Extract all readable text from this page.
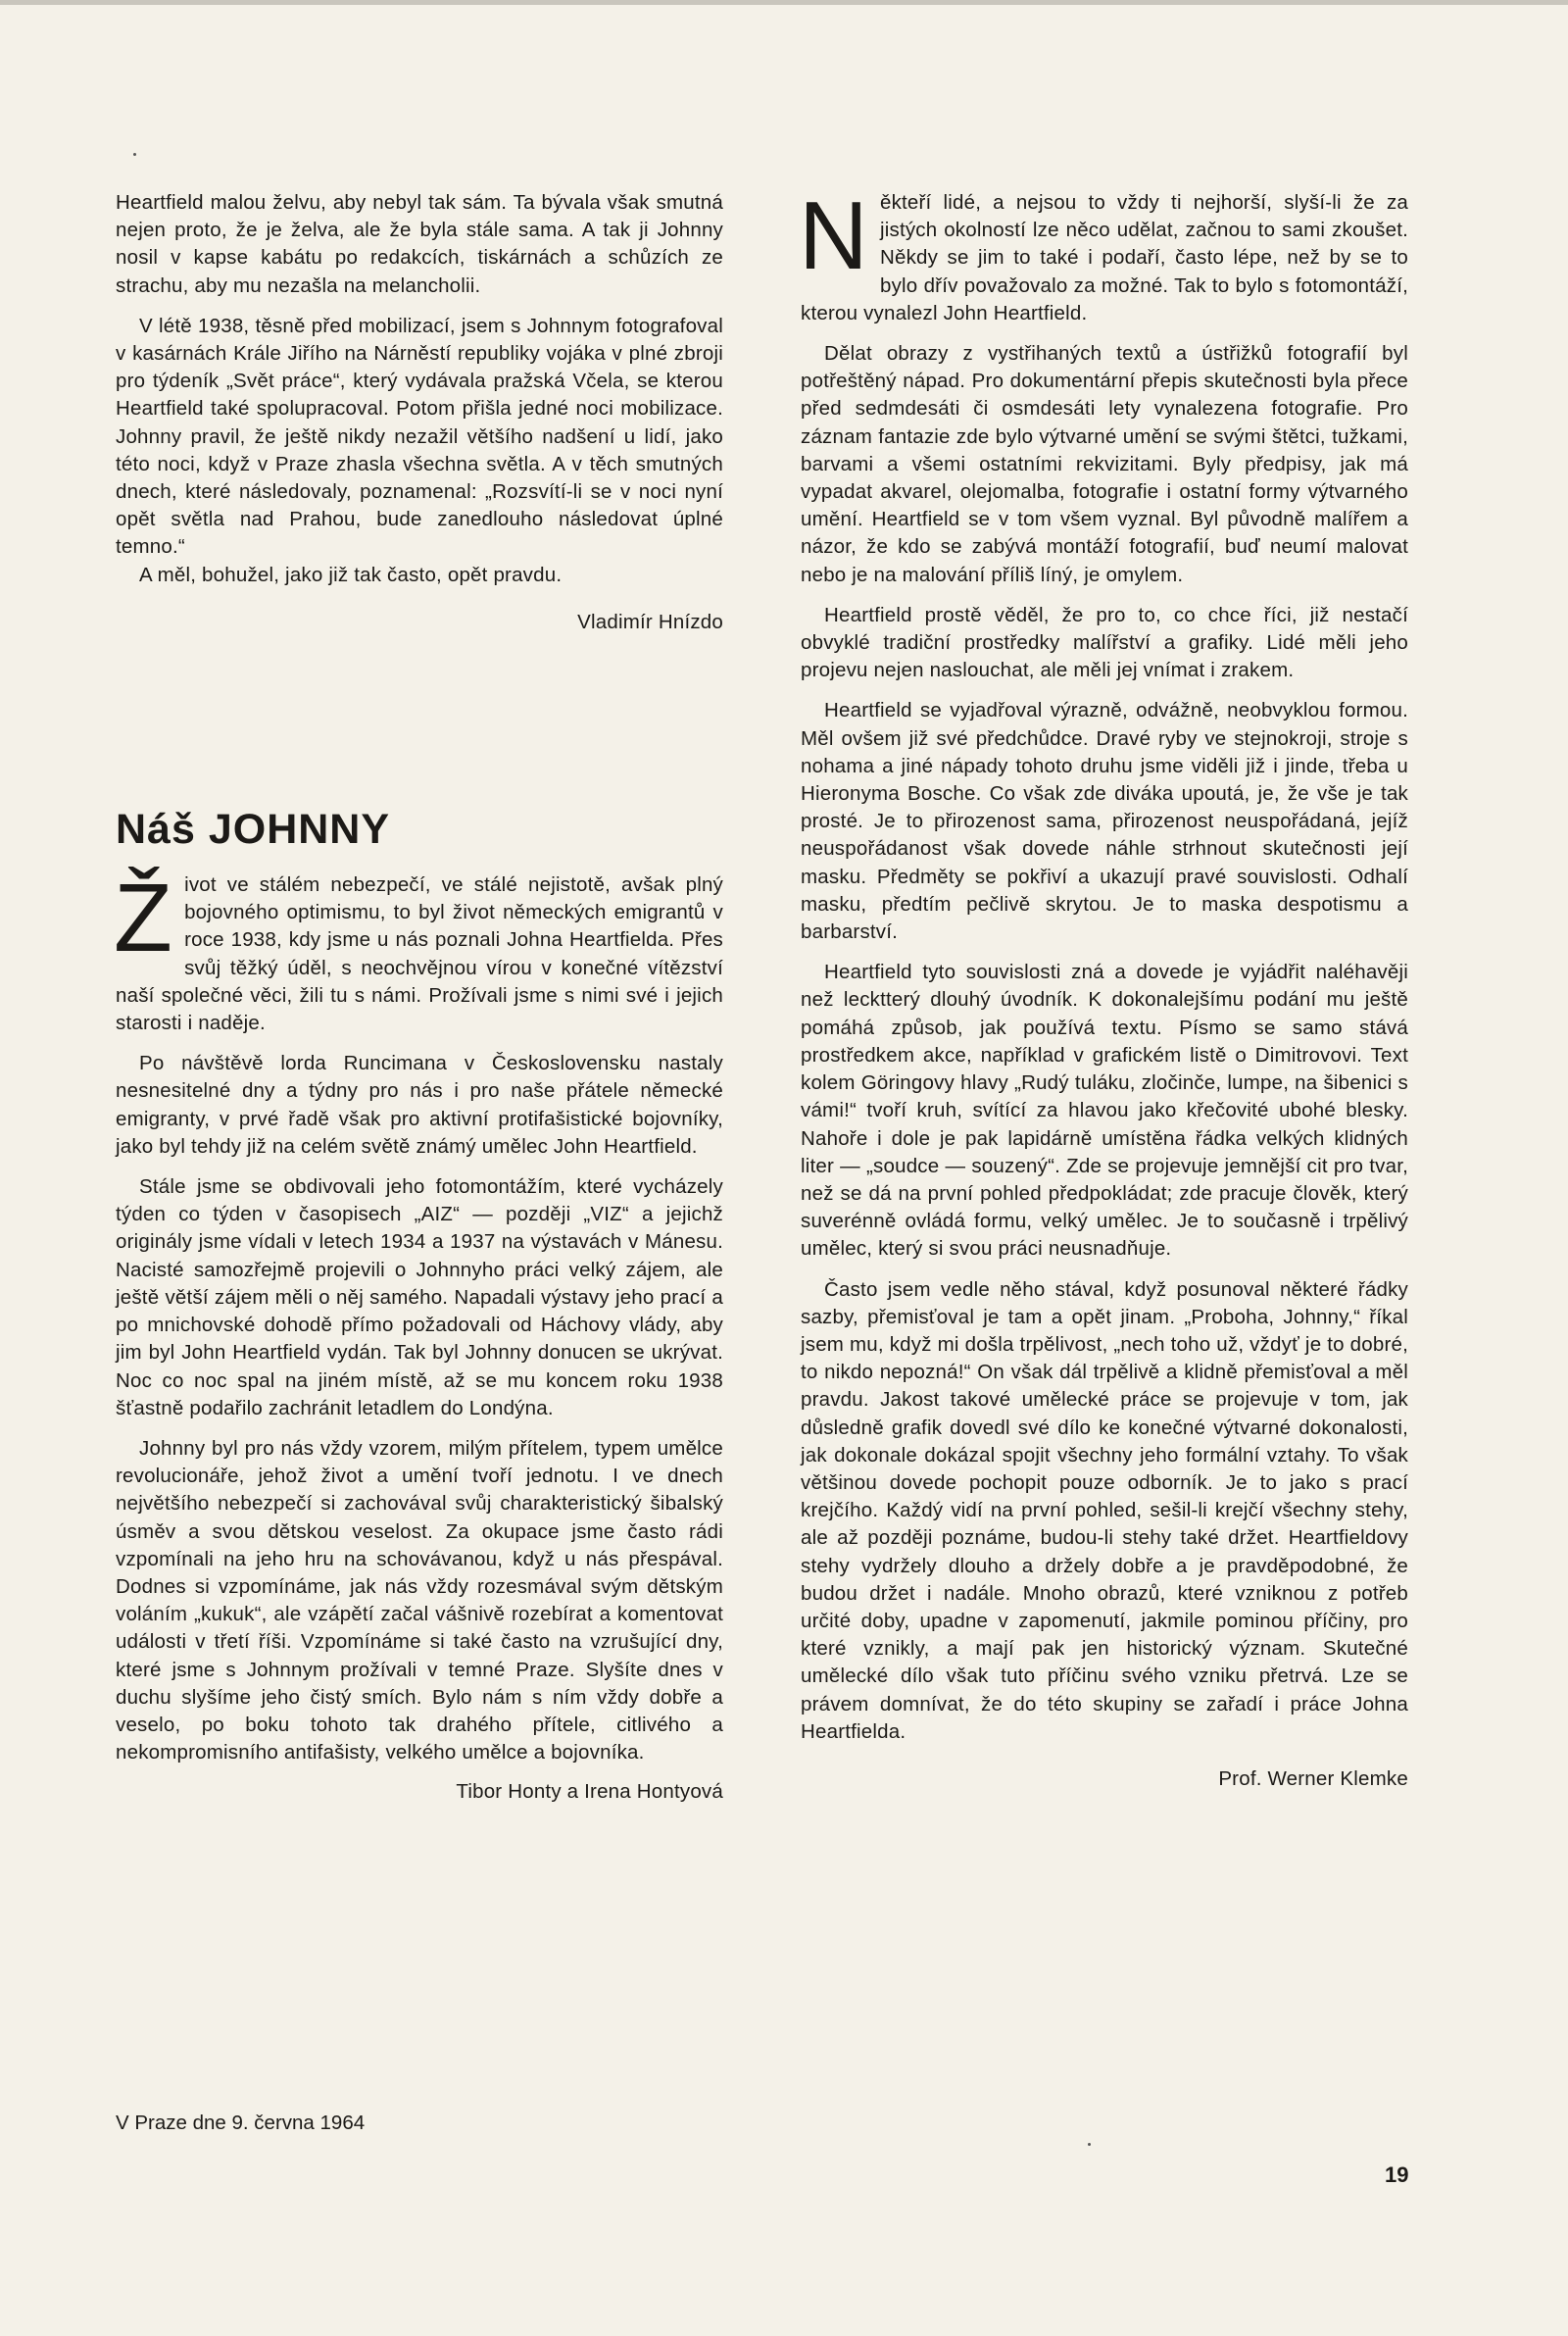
Heartfield malou želvu, aby nebyl tak sám. Ta bývala však smutná nejen proto, že je želva, ale že byla stále sama. A tak ji Johnny nosil v kapse kabátu po redakcích, tiskárnách a schůzích ze strachu, aby mu nezašla na melancholii.

V létě 1938, těsně před mobilizací, jsem s Johnnym fotografoval v kasárnách Krále Jiřího na Nárněstí republiky vojáka v plné zbroji pro týdeník „Svět práce“, který vydávala pražská Včela, se kterou Heartfield také spolupracoval. Potom přišla jedné noci mobilizace. Johnny pravil, že ještě nikdy nezažil většího nadšení u lidí, jako této noci, když v Praze zhasla všechna světla. A v těch smutných dnech, které následovaly, poznamenal: „Rozsvítí-li se v noci nyní opět světla nad Prahou, bude zanedlouho následovat úplné temno.“

A měl, bohužel, jako již tak často, opět pravdu.

Vladimír Hnízdo
Náš JOHNNY

Život ve stálém nebezpečí, ve stálé nejistotě, avšak plný bojovného optimismu, to byl život německých emigrantů v roce 1938, kdy jsme u nás poznali Johna Heartfielda. Přes svůj těžký úděl, s neochvějnou vírou v konečné vítězství naší společné věci, žili tu s námi. Prožívali jsme s nimi své i jejich starosti i naděje.

Po návštěvě lorda Runcimana v Československu nastaly nesnesitelné dny a týdny pro nás i pro naše přátele německé emigranty, v prvé řadě však pro aktivní protifašistické bojovníky, jako byl tehdy již na celém světě známý umělec John Heartfield.

Stále jsme se obdivovali jeho fotomontážím, které vycházely týden co týden v časopisech „AIZ“ — později „VIZ“ a jejichž originály jsme vídali v letech 1934 a 1937 na výstavách v Mánesu. Nacisté samozřejmě projevili o Johnnyho práci velký zájem, ale ještě větší zájem měli o něj samého. Napadali výstavy jeho prací a po mnichovské dohodě přímo požadovali od Háchovy vlády, aby jim byl John Heartfield vydán. Tak byl Johnny donucen se ukrývat. Noc co noc spal na jiném místě, až se mu koncem roku 1938 šťastně podařilo zachránit letadlem do Londýna.

Johnny byl pro nás vždy vzorem, milým přítelem, typem umělce revolucionáře, jehož život a umění tvoří jednotu. I ve dnech největšího nebezpečí si zachovával svůj charakteristický šibalský úsměv a svou dětskou veselost. Za okupace jsme často rádi vzpomínali na jeho hru na schovávanou, když u nás přespával. Dodnes si vzpomínáme, jak nás vždy rozesmával svým dětským voláním „kukuk“, ale vzápětí začal vášnivě rozebírat a komentovat události v třetí říši. Vzpomínáme si také často na vzrušující dny, které jsme s Johnnym prožívali v temné Praze. Slyšíte dnes v duchu slyšíme jeho čistý smích. Bylo nám s ním vždy dobře a veselo, po boku tohoto tak drahého přítele, citlivého a nekompromisního antifašisty, velkého umělce a bojovníka.

Tibor Honty a Irena Hontyová
V Praze dne 9. června 1964

Někteří lidé, a nejsou to vždy ti nejhorší, slyší-li že za jistých okolností lze něco udělat, začnou to sami zkoušet. Někdy se jim to také i podaří, často lépe, než by se to bylo dřív považovalo za možné. Tak to bylo s fotomontáží, kterou vynalezl John Heartfield.

Dělat obrazy z vystřihaných textů a ústřižků fotografií byl potřeštěný nápad. Pro dokumentární přepis skutečnosti byla přece před sedmdesáti či osmdesáti lety vynalezena fotografie. Pro záznam fantazie zde bylo výtvarné umění se svými štětci, tužkami, barvami a všemi ostatními rekvizitami. Byly předpisy, jak má vypadat akvarel, olejomalba, fotografie i ostatní formy výtvarného umění. Heartfield se v tom všem vyznal. Byl původně malířem a názor, že kdo se zabývá montáží fotografií, buď neumí malovat nebo je na malování příliš líný, je omylem.

Heartfield prostě věděl, že pro to, co chce říci, již nestačí obvyklé tradiční prostředky malířství a grafiky. Lidé měli jeho projevu nejen naslouchat, ale měli jej vnímat i zrakem.

Heartfield se vyjadřoval výrazně, odvážně, neobvyklou formou. Měl ovšem již své předchůdce. Dravé ryby ve stejnokroji, stroje s nohama a jiné nápady tohoto druhu jsme viděli již i jinde, třeba u Hieronyma Bosche. Co však zde diváka upoutá, je, že vše je tak prosté. Je to přirozenost sama, přirozenost neuspořádaná, jejíž neuspořádanost však dovede náhle strhnout skutečnosti její masku. Předměty se pokřiví a ukazují pravé souvislosti. Odhalí masku, předtím pečlivě skrytou. Je to maska despotismu a barbarství.

Heartfield tyto souvislosti zná a dovede je vyjádřit naléhavěji než lecktterý dlouhý úvodník. K dokonalejšímu podání mu ještě pomáhá způsob, jak používá textu. Písmo se samo stává prostředkem akce, například v grafickém listě o Dimitrovovi. Text kolem Göringovy hlavy „Rudý tuláku, zločinče, lumpe, na šibenici s vámi!“ tvoří kruh, svítící za hlavou jako křečovité ubohé blesky. Nahoře i dole je pak lapidárně umístěna řádka velkých klidných liter — „soudce — souzený“. Zde se projevuje jemnější cit pro tvar, než se dá na první pohled předpokládat; zde pracuje člověk, který suverénně ovládá formu, velký umělec. Je to současně i trpělivý umělec, který si svou práci neusnadňuje.

Často jsem vedle něho stával, když posunoval některé řádky sazby, přemisťoval je tam a opět jinam. „Proboha, Johnny,“ říkal jsem mu, když mi došla trpělivost, „nech toho už, vždyť je to dobré, to nikdo nepozná!“ On však dál trpělivě a klidně přemisťoval a měl pravdu. Jakost takové umělecké práce se projevuje v tom, jak důsledně grafik dovedl své dílo ke konečné výtvarné dokonalosti, jak dokonale dokázal spojit všechny jeho formální vztahy. To však většinou dovede pochopit pouze odborník. Je to jako s prací krejčího. Každý vidí na první pohled, sešil-li krejčí všechny stehy, ale až později poznáme, budou-li stehy také držet. Heartfieldovy stehy vydržely dlouho a držely dobře a je pravděpodobné, že budou držet i nadále. Mnoho obrazů, které vzniknou z potřeb určité doby, upadne v zapomenutí, jakmile pominou příčiny, pro které vznikly, a mají pak jen historický význam. Skutečné umělecké dílo však tuto příčinu svého vzniku přetrvá. Lze se právem domnívat, že do této skupiny se zařadí i práce Johna Heartfielda.

Prof. Werner Klemke
19
